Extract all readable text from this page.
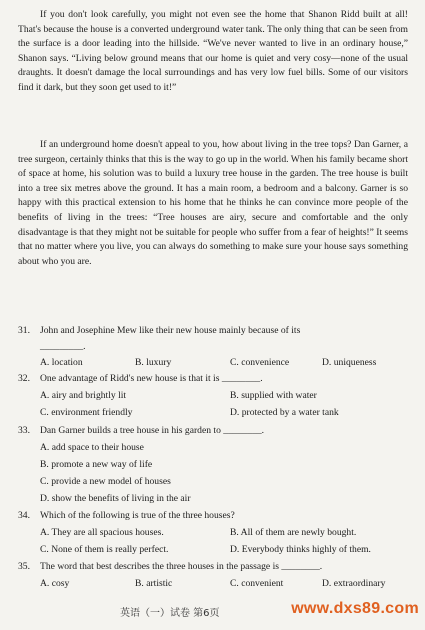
If you don't look carefully, you might not even see the home that Shanon Ridd built at all! That's because the house is a converted underground water tank. The only thing that can be seen from the surface is a door leading into the hillside. “We've never wanted to live in an ordinary house,” Shanon says. “Living below ground means that our home is quiet and very cosy—none of the usual draughts. It doesn't damage the local surroundings and has very low fuel bills. Some of our visitors find it dark, but they soon get used to it!”

If an underground home doesn't appeal to you, how about living in the tree tops? Dan Garner, a tree surgeon, certainly thinks that this is the way to go up in the world. When his family became short of space at home, his solution was to build a luxury tree house in the garden. The tree house is built into a tree six metres above the ground. It has a main room, a bedroom and a balcony. Garner is so happy with this practical extension to his home that he thinks he can convince more people of the benefits of living in the trees: “Tree houses are airy, secure and comfortable and the only disadvantage is that they might not be suitable for people who suffer from a fear of heights!” It seems that no matter where you live, you can always do something to make sure your house says something about who you are.

31. John and Josephine Mew like their new house mainly because of its
_________.
A. location	B. luxury	C. convenience	D. uniqueness
32. One advantage of Ridd's new house is that it is ________.
A. airy and brightly lit	B. supplied with water
C. environment friendly	D. protected by a water tank
33. Dan Garner builds a tree house in his garden to ________.
A. add space to their house
B. promote a new way of life
C. provide a new model of houses
D. show the benefits of living in the air
34. Which of the following is true of the three houses?
A. They are all spacious houses.	B. All of them are newly bought.
C. None of them is really perfect.	D. Everybody thinks highly of them.
35. The word that best describes the three houses in the passage is ________.
A. cosy	B. artistic	C. convenient	D. extraordinary
英语（一）试卷 第6页	www.dxs89.com
